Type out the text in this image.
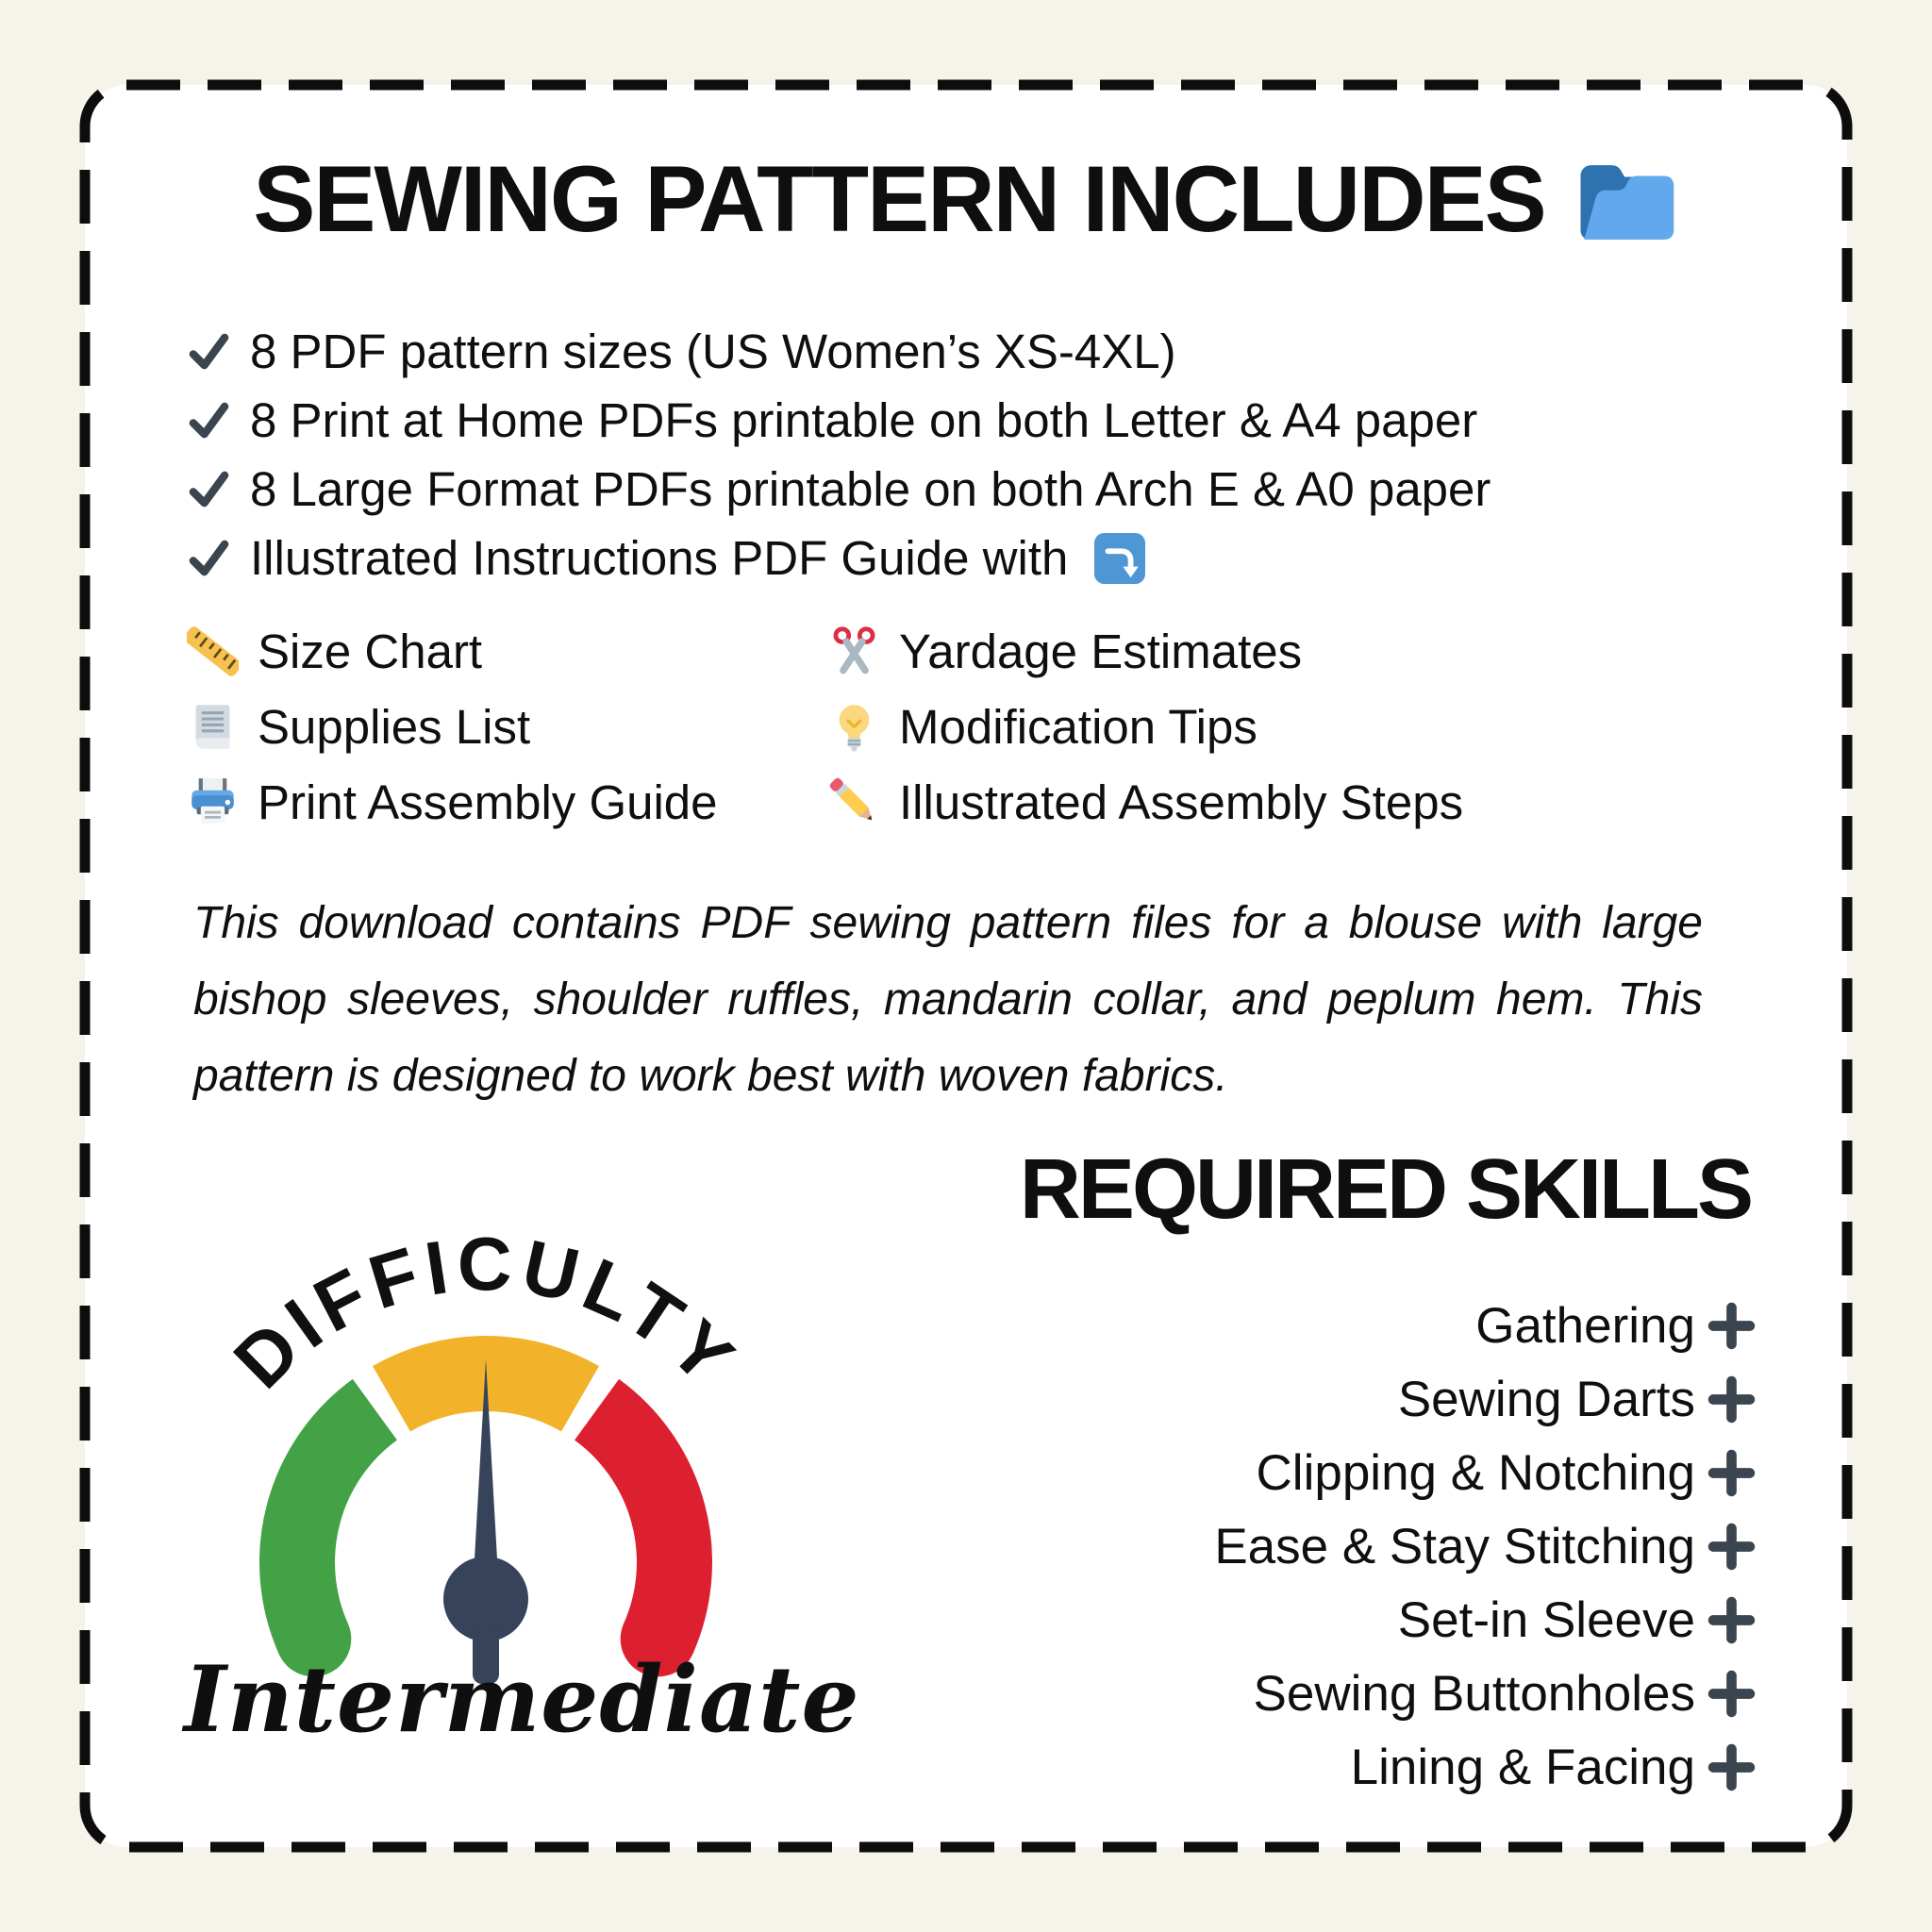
SEWING PATTERN INCLUDES
8 PDF pattern sizes (US Women’s XS-4XL)
8 Print at Home PDFs printable on both Letter & A4 paper
8 Large Format PDFs printable on both Arch E & A0 paper
Illustrated Instructions PDF Guide with
Size Chart
Supplies List
Print Assembly Guide
Yardage Estimates
Modification Tips
Illustrated Assembly Steps

This download contains PDF sewing pattern files for a blouse with large bishop sleeves, shoulder ruffles, mandarin collar, and peplum hem. This pattern is designed to work best with woven fabrics.

REQUIRED SKILLS
Gathering
Sewing Darts
Clipping & Notching
Ease & Stay Stitching
Set-in Sleeve
Sewing Buttonholes
Lining & Facing
DIFFICULTY
Intermediate
